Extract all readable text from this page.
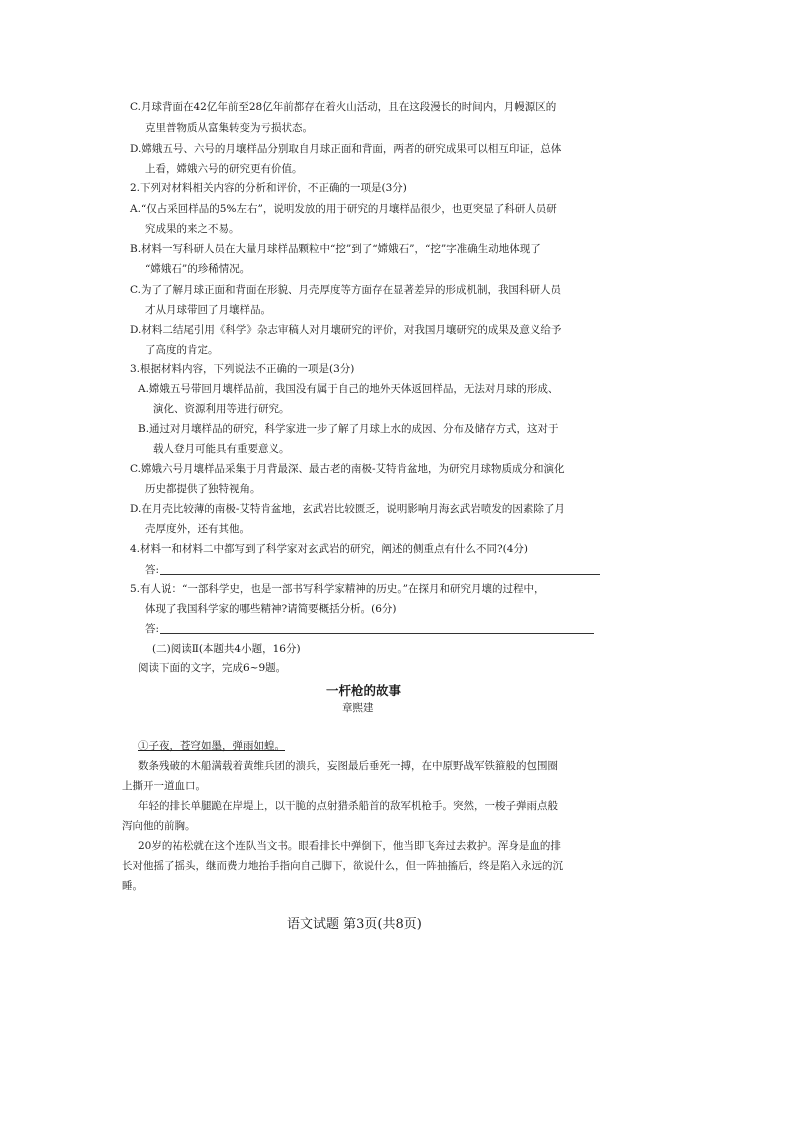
C.月球背面在42亿年前至28亿年前都存在着火山活动，且在这段漫长的时间内，月幔源区的
克里普物质从富集转变为亏损状态。
D.嫦娥五号、六号的月壤样品分别取自月球正面和背面，两者的研究成果可以相互印证，总体
上看，嫦娥六号的研究更有价值。
2.下列对材料相关内容的分析和评价，不正确的一项是(3分)
A.“仅占采回样品的5%左右”，说明发放的用于研究的月壤样品很少，也更突显了科研人员研
究成果的来之不易。
B.材料一写科研人员在大量月球样品颗粒中“挖”到了“嫦娥石”，“挖”字准确生动地体现了
“嫦娥石”的珍稀情况。
C.为了了解月球正面和背面在形貌、月壳厚度等方面存在显著差异的形成机制，我国科研人员
才从月球带回了月壤样品。
D.材料二结尾引用《科学》杂志审稿人对月壤研究的评价，对我国月壤研究的成果及意义给予
了高度的肯定。
3.根据材料内容，下列说法不正确的一项是(3分)
A.嫦娥五号带回月壤样品前，我国没有属于自己的地外天体返回样品，无法对月球的形成、
演化、资源利用等进行研究。
B.通过对月壤样品的研究，科学家进一步了解了月球上水的成因、分布及储存方式，这对于
载人登月可能具有重要意义。
C.嫦娥六号月壤样品采集于月背最深、最古老的南极-艾特肯盆地，为研究月球物质成分和演化
历史都提供了独特视角。
D.在月壳比较薄的南极-艾特肯盆地，玄武岩比较匮乏，说明影响月海玄武岩喷发的因素除了月
壳厚度外，还有其他。
4.材料一和材料二中都写到了科学家对玄武岩的研究，阐述的侧重点有什么不同?(4分)
答:
5.有人说：“一部科学史，也是一部书写科学家精神的历史。”在探月和研究月壤的过程中，
体现了我国科学家的哪些精神?请简要概括分析。(6分)
答:
(二)阅读Ⅱ(本题共4小题，16分)
阅读下面的文字，完成6~9题。
一杆枪的故事
章熙建
①子夜，苍穹如墨，弹雨如蝗。
数条残破的木船满载着黄维兵团的溃兵，妄图最后垂死一搏，在中原野战军铁箍般的包围圈
上撕开一道血口。
年轻的排长单腿跪在岸堤上，以干脆的点射猎杀船首的敌军机枪手。突然，一梭子弹雨点般
泻向他的前胸。
20岁的祐松就在这个连队当文书。眼看排长中弹倒下，他当即飞奔过去救护。浑身是血的排
长对他摇了摇头，继而费力地抬手指向自己脚下，欲说什么，但一阵抽搐后，终是陷入永远的沉
睡。
语文试题 第3页(共8页)
